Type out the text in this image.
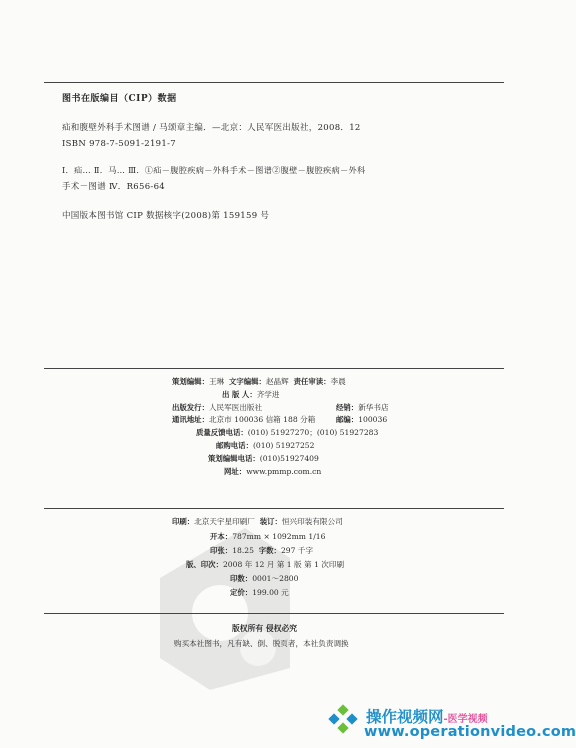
图书在版编目（CIP）数据
疝和腹壁外科手术图谱 / 马颂章主编．—北京：人民军医出版社，2008．12
ISBN 978-7-5091-2191-7
Ⅰ．疝… Ⅱ．马… Ⅲ．①疝－腹腔疾病－外科手术－图谱②腹壁－腹腔疾病－外科
手术－图谱 Ⅳ．R656-64
中国版本图书馆 CIP 数据核字(2008)第 159159 号
策划编辑：王琳 文字编辑：赵晶辉 责任审读：李晨
出 版 人：齐学进
出版发行：人民军医出版社	经销：新华书店
通讯地址：北京市 100036 信箱 188 分箱	邮编：100036
质量反馈电话：(010) 51927270；(010) 51927283
邮购电话：(010) 51927252
策划编辑电话：(010)51927409
网址：www.pmmp.com.cn
印刷：北京天宇星印刷厂 装订：恒兴印装有限公司
开本：787mm × 1092mm 1/16
印张：18.25 字数：297 千字
版、印次：2008 年 12 月 第 1 版 第 1 次印刷
印数：0001～2800
定价：199.00 元
版权所有 侵权必究
购买本社图书，凡有缺、倒、脱页者，本社负责调换
操作视频网-医学视频
www.operationvideo.com
